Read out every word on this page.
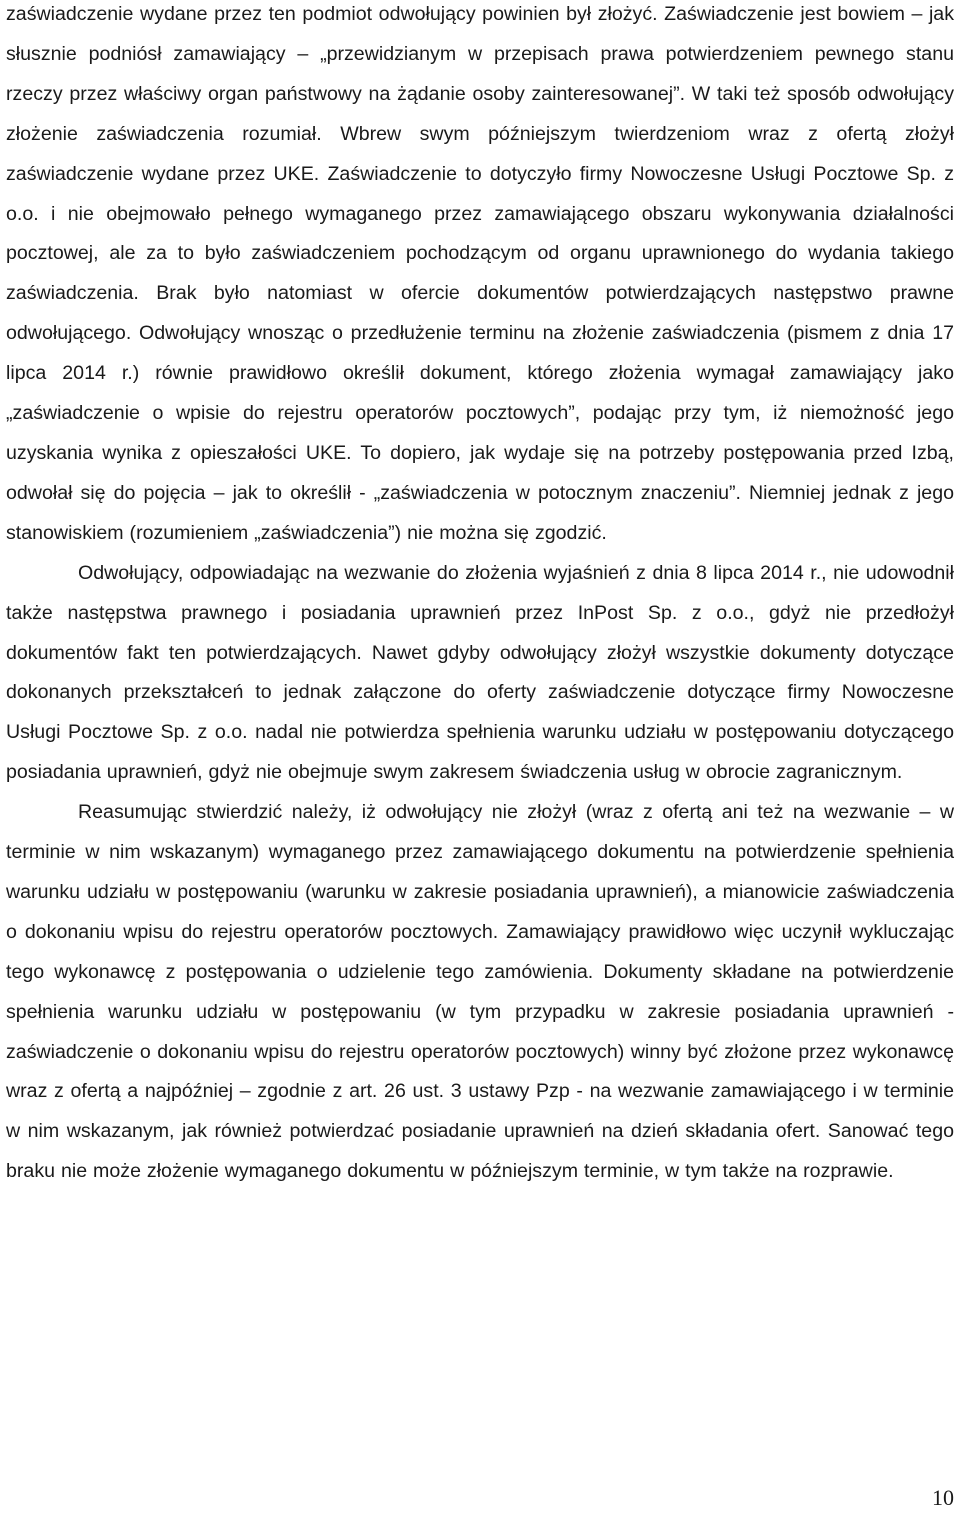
zaświadczenie wydane przez ten podmiot odwołujący powinien był złożyć. Zaświadczenie jest bowiem – jak słusznie podniósł zamawiający – „przewidzianym w przepisach prawa potwierdzeniem pewnego stanu rzeczy przez właściwy organ państwowy na żądanie osoby zainteresowanej”. W taki też sposób odwołujący złożenie zaświadczenia rozumiał. Wbrew swym późniejszym twierdzeniom wraz z ofertą złożył zaświadczenie wydane przez UKE. Zaświadczenie to dotyczyło firmy Nowoczesne Usługi Pocztowe Sp. z o.o. i nie obejmowało pełnego wymaganego przez zamawiającego obszaru wykonywania działalności pocztowej, ale za to było zaświadczeniem pochodzącym od organu uprawnionego do wydania takiego zaświadczenia. Brak było natomiast w ofercie dokumentów potwierdzających następstwo prawne odwołującego. Odwołujący wnosząc o przedłużenie terminu na złożenie zaświadczenia (pismem z dnia 17 lipca 2014 r.) równie prawidłowo określił dokument, którego złożenia wymagał zamawiający jako „zaświadczenie o wpisie do rejestru operatorów pocztowych”, podając przy tym, iż niemożność jego uzyskania wynika z opieszałości UKE. To dopiero, jak wydaje się na potrzeby postępowania przed Izbą, odwołał się do pojęcia – jak to określił - „zaświadczenia w potocznym znaczeniu”. Niemniej jednak z jego stanowiskiem (rozumieniem „zaświadczenia”) nie można się zgodzić.

Odwołujący, odpowiadając na wezwanie do złożenia wyjaśnień z dnia 8 lipca 2014 r., nie udowodnił także następstwa prawnego i posiadania uprawnień przez InPost Sp. z o.o., gdyż nie przedłożył dokumentów fakt ten potwierdzających. Nawet gdyby odwołujący złożył wszystkie dokumenty dotyczące dokonanych przekształceń to jednak załączone do oferty zaświadczenie dotyczące firmy Nowoczesne Usługi Pocztowe Sp. z o.o. nadal nie potwierdza spełnienia warunku udziału w postępowaniu dotyczącego posiadania uprawnień, gdyż nie obejmuje swym zakresem świadczenia usług w obrocie zagranicznym.

Reasumując stwierdzić należy, iż odwołujący nie złożył (wraz z ofertą ani też na wezwanie – w terminie w nim wskazanym) wymaganego przez zamawiającego dokumentu na potwierdzenie spełnienia warunku udziału w postępowaniu (warunku w zakresie posiadania uprawnień), a mianowicie zaświadczenia o dokonaniu wpisu do rejestru operatorów pocztowych. Zamawiający prawidłowo więc uczynił wykluczając tego wykonawcę z postępowania o udzielenie tego zamówienia. Dokumenty składane na potwierdzenie spełnienia warunku udziału w postępowaniu (w tym przypadku w zakresie posiadania uprawnień - zaświadczenie o dokonaniu wpisu do rejestru operatorów pocztowych) winny być złożone przez wykonawcę wraz z ofertą a najpóźniej – zgodnie z art. 26 ust. 3 ustawy Pzp - na wezwanie zamawiającego i w terminie w nim wskazanym, jak również potwierdzać posiadanie uprawnień na dzień składania ofert. Sanować tego braku nie może złożenie wymaganego dokumentu w późniejszym terminie, w tym także na rozprawie.

10
